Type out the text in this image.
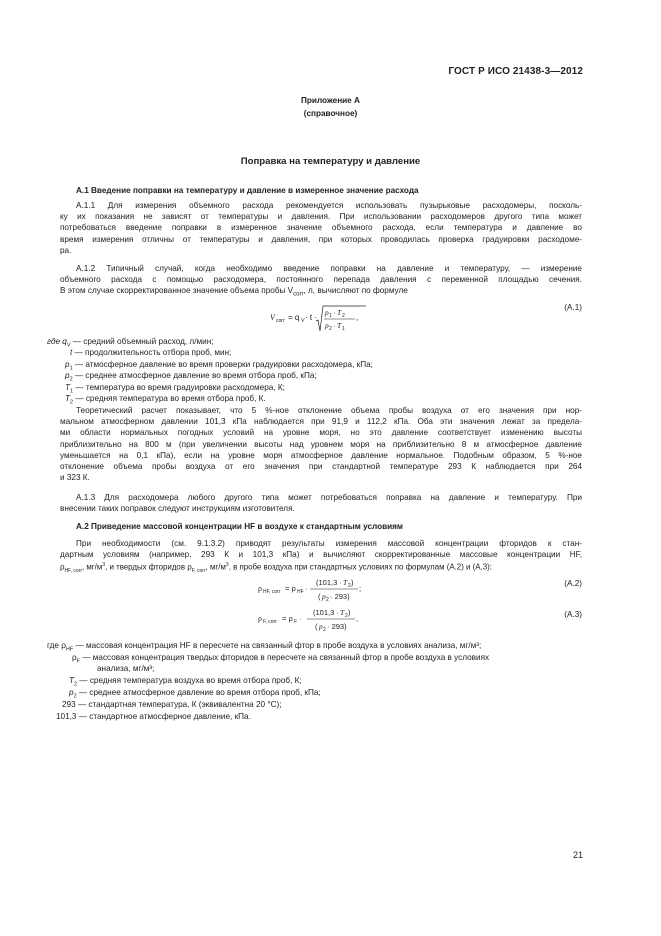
ГОСТ Р ИСО 21438-3—2012
Приложение А
(справочное)
Поправка на температуру и давление
А.1 Введение поправки на температуру и давление в измеренное значение расхода
А.1.1 Для измерения объемного расхода рекомендуется использовать пузырьковые расходомеры, посколь-
ку их показания не зависят от температуры и давления. При использовании расходомеров другого типа может
потребоваться введение поправки в измеренное значение объемного расхода, если температура и давление во
время измерения отличны от температуры и давления, при которых проводилась проверка градуировки расходоме-
ра.
А.1.2 Типичный случай, когда необходимо введение поправки на давление и температуру, — измерение
объемного расхода с помощью расходомера, постоянного перепада давления с переменной площадью сечения.
В этом случае скорректированное значение объема пробы $V_{corr}$, л, вычисляют по формуле
V corr = q V · t ·
p 1 · T 2
p 2 · T 1
,
(A.1)
где $q_V$ — средний объемный расход, л/мин;
t — продолжительность отбора проб, мин;
$p_1$ — атмосферное давление во время проверки градуировки расходомера, кПа;
$p_2$ — среднее атмосферное давление во время отбора проб, кПа;
$T_1$ — температура во время градуировки расходомера, К;
$T_2$ — средняя температура во время отбора проб, К.
Теоретический расчет показывает, что 5 %-ное отклонение объема пробы воздуха от его значения при нор-
мальном атмосферном давлении 101,3 кПа наблюдается при 91,9 и 112,2 кПа. Оба эти значения лежат за предела-
ми области нормальных погодных условий на уровне моря, но это давление соответствует изменению высоты
приблизительно на 800 м (при увеличении высоты над уровнем моря на приблизительно 8 м атмосферное давление
уменьшается на 0,1 кПа), если на уровне моря атмосферное давление нормальное. Подобным образом, 5 %-ное
отклонение объема пробы воздуха от его значения при стандартной температуре 293 К наблюдается при 264
и 323 К.
А.1.3 Для расходомера любого другого типа может потребоваться поправка на давление и температуру. При
внесении таких поправок следуют инструкциям изготовителя.
А.2 Приведение массовой концентрации HF в воздухе к стандартным условиям
При необходимости (см. 9.1.3.2) приводят результаты измерения массовой концентрации фторидов к стан-
дартным условиям (например, 293 К и 101,3 кПа) и вычисляют скорректированные массовые концентрации HF,
$\rho_{HF, corr}$, $мг/м^3$, и твердых фторидов $\rho_{F, corr}$, $мг/м^3$, в пробе воздуха при стандартных условиях по формулам (А.2) и (А.3):
ρ HF, corr = ρ HF ·
(101,3 · T 2 )
( p 2 · 293)
;
(A.2)
ρ F, corr = ρ F ·
(101,3 · T 2 )
( p 2 · 293)
,	(A.3)
где $\rho_{HF}$ — массовая концентрация HF в пересчете на связанный фтор в пробе воздуха в условиях анализа, мг/м³;
$\rho_F$ — массовая концентрация твердых фторидов в пересчете на связанный фтор в пробе воздуха в условиях
анализа, мг/м³;
$T_2$ — средняя температура воздуха во время отбора проб, К;
$p_2$ — среднее атмосферное давление во время отбора проб, кПа;
293 — стандартная температура, К (эквивалентна 20 °С);
101,3 — стандартное атмосферное давление, кПа.
21
